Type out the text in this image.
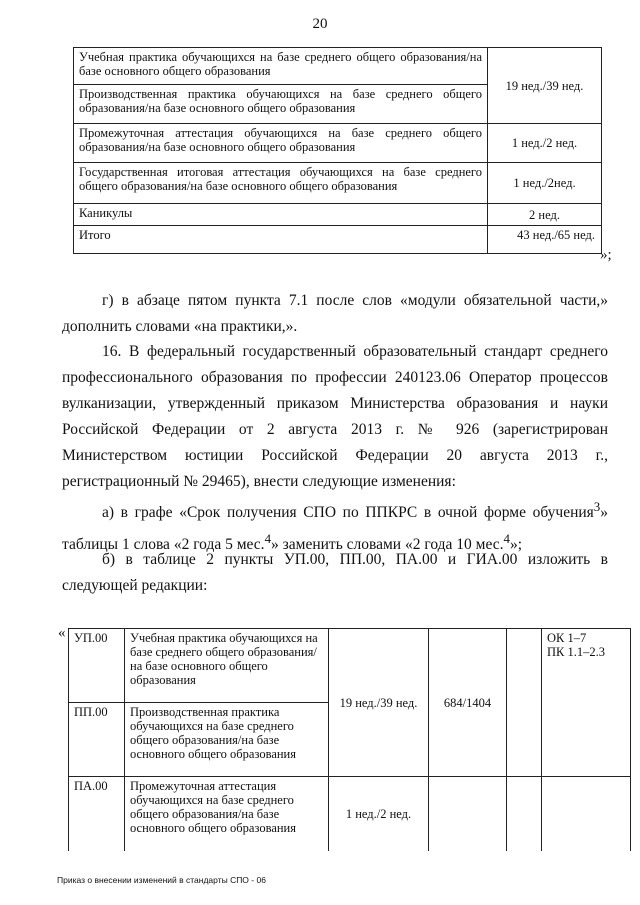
20
Учебная практика обучающихся на базе среднего общего образования/на базе основного общего образования	19 нед./39 нед.
Производственная практика обучающихся на базе среднего общего образования/на базе основного общего образования	
Промежуточная аттестация обучающихся на базе среднего общего образования/на базе основного общего образования	1 нед./2 нед.
Государственная итоговая аттестация обучающихся на базе среднего общего образования/на базе основного общего образования	1 нед./2нед.
Каникулы	2 нед.
Итого	43 нед./65 нед.
»;
г) в абзаце пятом пункта 7.1 после слов «модули обязательной части,» дополнить словами «на практики,».
16. В федеральный государственный образовательный стандарт среднего профессионального образования по профессии 240123.06 Оператор процессов вулканизации, утвержденный приказом Министерства образования и науки Российской Федерации от 2 августа 2013 г. № 926 (зарегистрирован Министерством юстиции Российской Федерации 20 августа 2013 г., регистрационный № 29465), внести следующие изменения:
а) в графе «Срок получения СПО по ППКРС в очной форме обучения$^3$» таблицы 1 слова «2 года 5 мес.$^4$» заменить словами «2 года 10 мес.$^4$»;
б) в таблице 2 пункты УП.00, ПП.00, ПА.00 и ГИА.00 изложить в следующей редакции:
« УП.00	Учебная практика обучающихся на базе среднего общего образования/на базе основного общего образования	19 нед./39 нед.	684/1404		ОК 1–7
ПК 1.1–2.3

ПП.00	Производственная практика обучающихся на базе среднего общего образования/на базе основного общего образования				
ПА.00	Промежуточная аттестация обучающихся на базе среднего общего образования/на базе основного общего образования	1 нед./2 нед.			
Приказ о внесении изменений в стандарты СПО - 06
